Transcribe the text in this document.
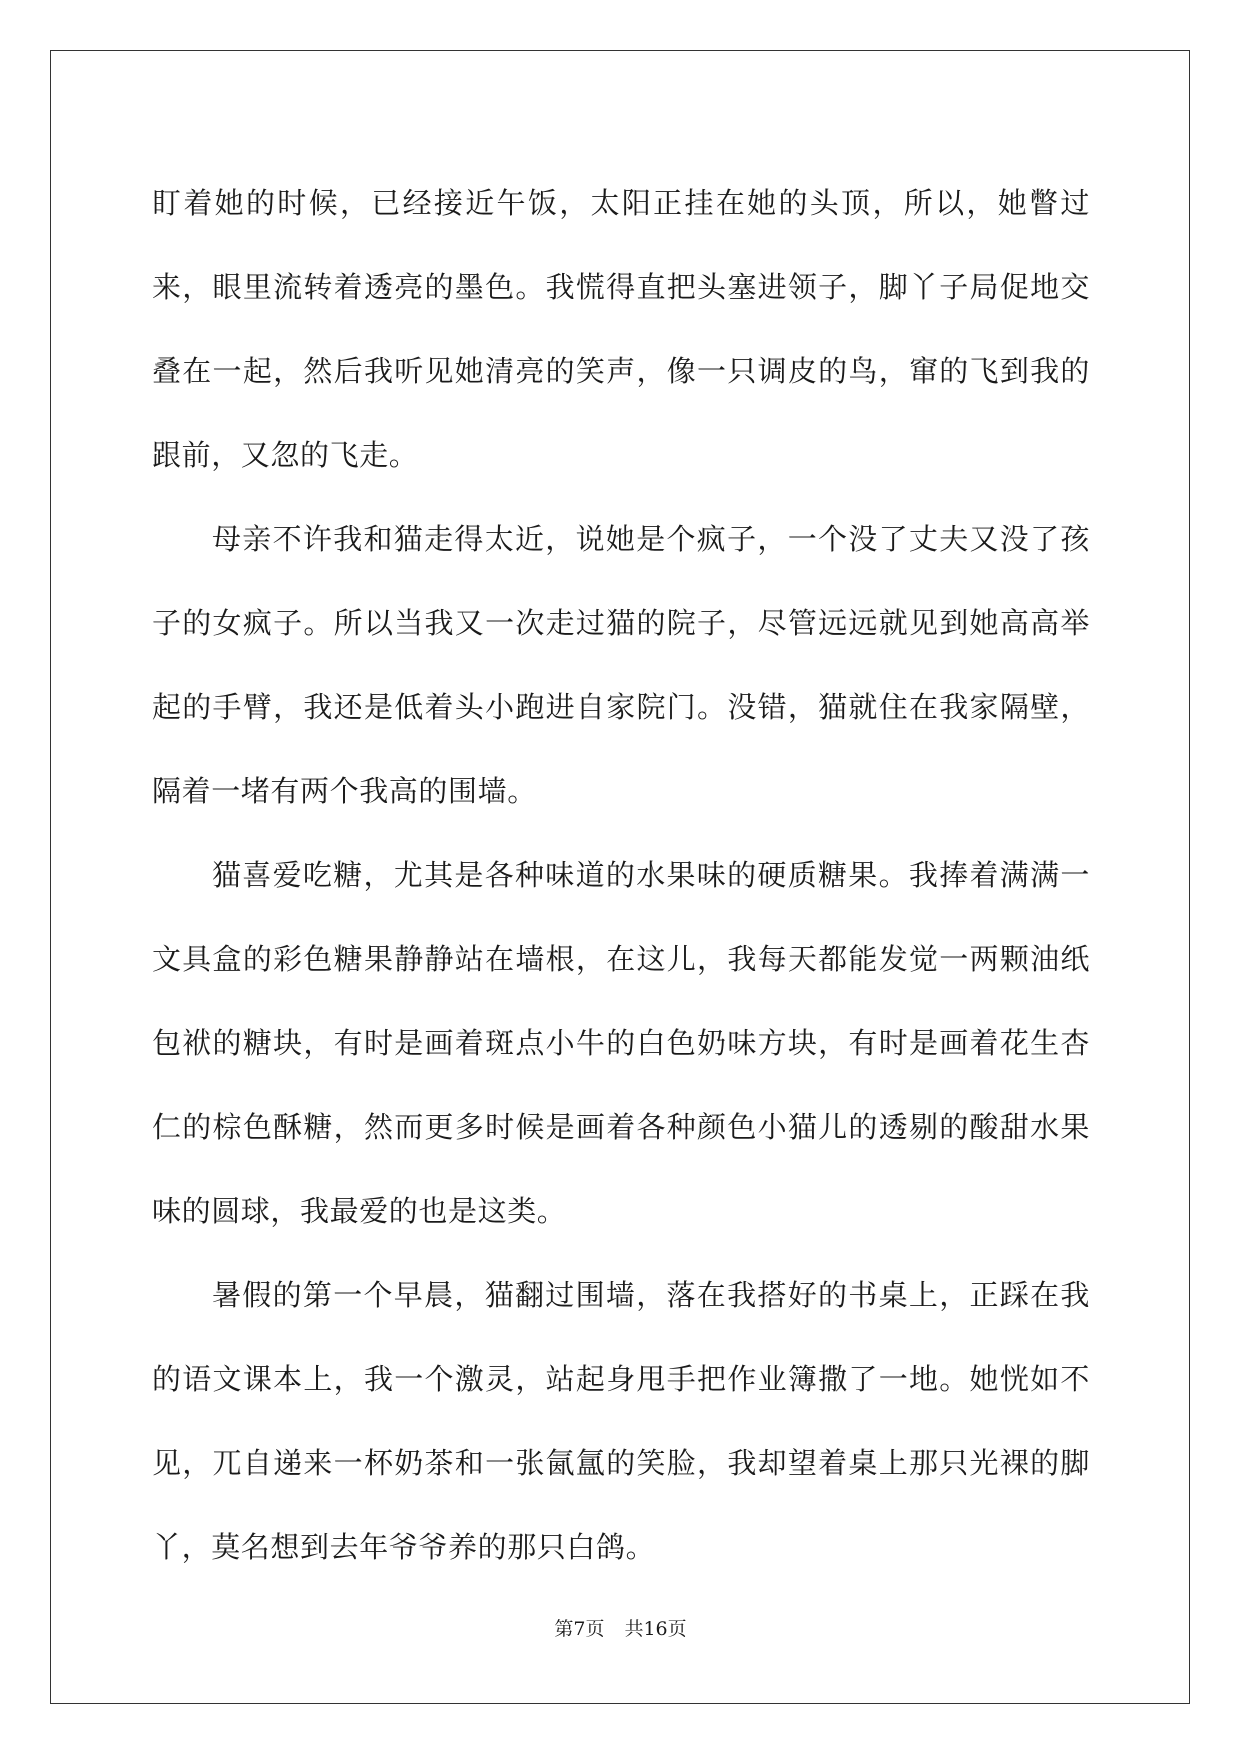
盯着她的时候，已经接近午饭，太阳正挂在她的头顶，所以，她瞥过来，眼里流转着透亮的墨色。我慌得直把头塞进领子，脚丫子局促地交叠在一起，然后我听见她清亮的笑声，像一只调皮的鸟，窜的飞到我的跟前，又忽的飞走。

母亲不许我和猫走得太近，说她是个疯子，一个没了丈夫又没了孩子的女疯子。所以当我又一次走过猫的院子，尽管远远就见到她高高举起的手臂，我还是低着头小跑进自家院门。没错，猫就住在我家隔壁，隔着一堵有两个我高的围墙。

猫喜爱吃糖，尤其是各种味道的水果味的硬质糖果。我捧着满满一文具盒的彩色糖果静静站在墙根，在这儿，我每天都能发觉一两颗油纸包袱的糖块，有时是画着斑点小牛的白色奶味方块，有时是画着花生杏仁的棕色酥糖，然而更多时候是画着各种颜色小猫儿的透剔的酸甜水果味的圆球，我最爱的也是这类。

暑假的第一个早晨，猫翻过围墙，落在我搭好的书桌上，正踩在我的语文课本上，我一个激灵，站起身甩手把作业簿撒了一地。她恍如不见，兀自递来一杯奶茶和一张氤氲的笑脸，我却望着桌上那只光裸的脚丫，莫名想到去年爷爷养的那只白鸽。

第7页 共16页
